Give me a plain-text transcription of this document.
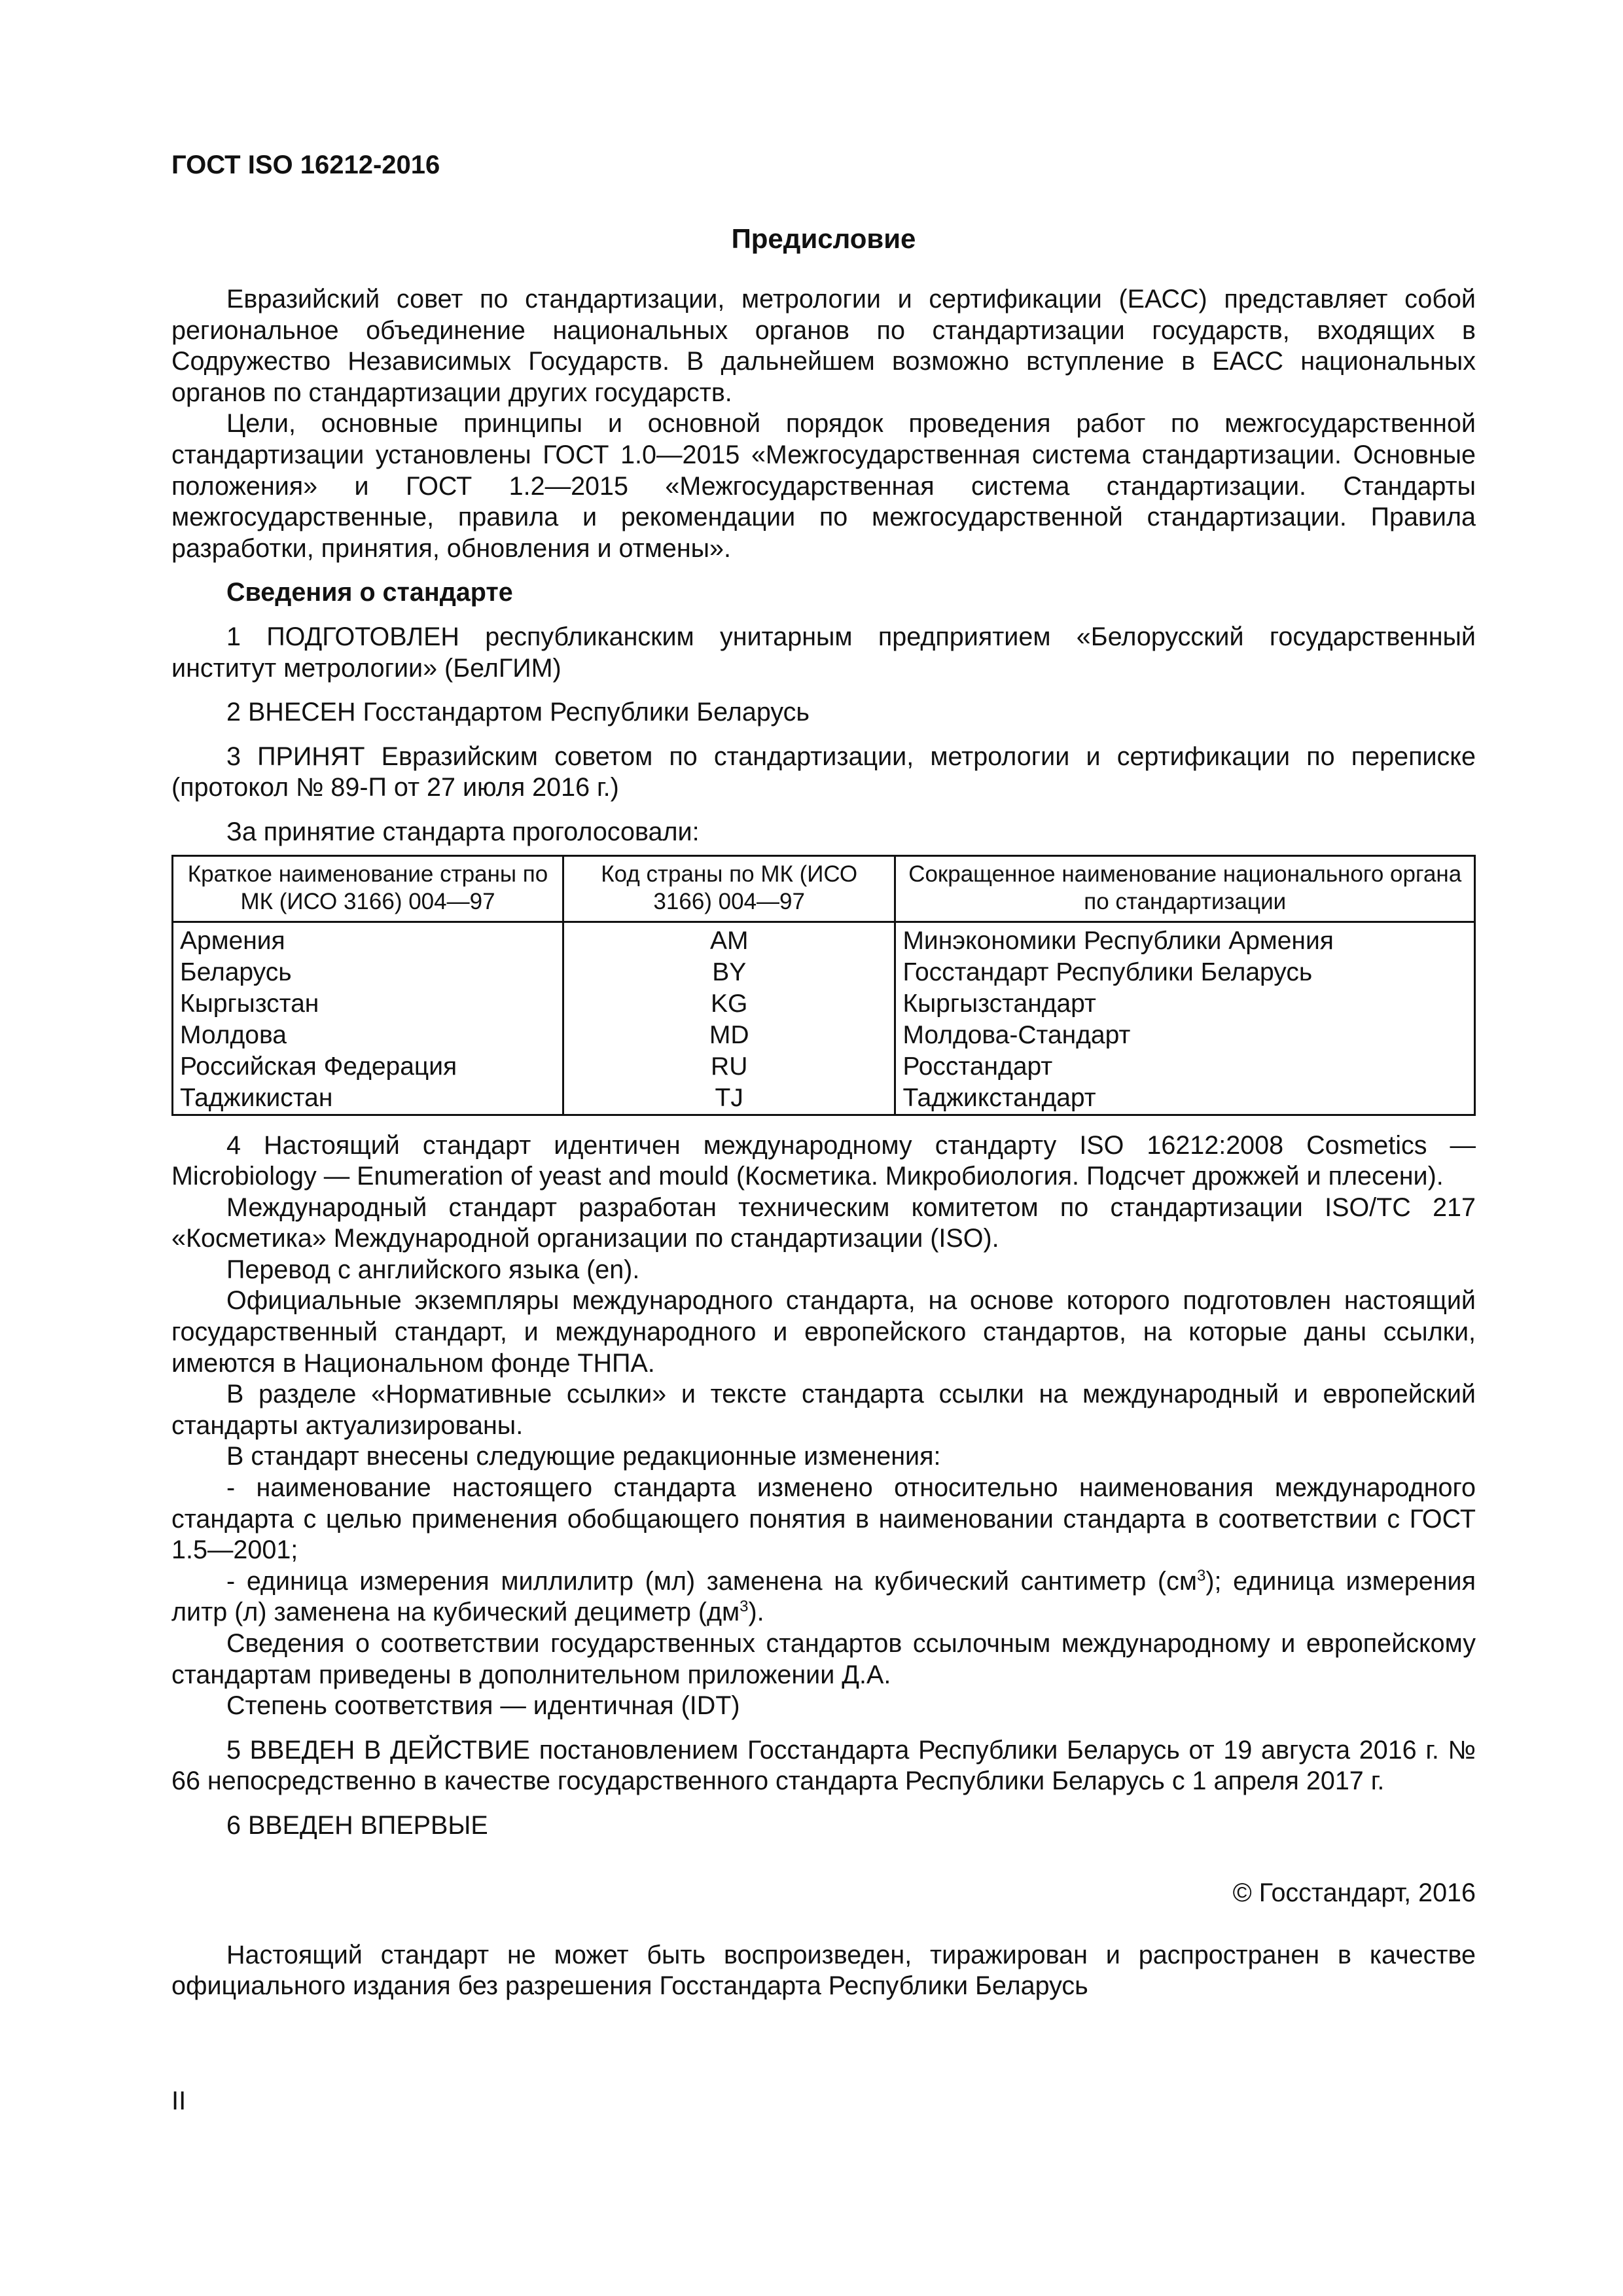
ГОСТ ISO 16212-2016
Предисловие

Евразийский совет по стандартизации, метрологии и сертификации (ЕАСС) представляет собой региональное объединение национальных органов по стандартизации государств, входящих в Содружество Независимых Государств. В дальнейшем возможно вступление в ЕАСС национальных органов по стандартизации других государств.

Цели, основные принципы и основной порядок проведения работ по межгосударственной стандартизации установлены ГОСТ 1.0—2015 «Межгосударственная система стандартизации. Основные положения» и ГОСТ 1.2—2015 «Межгосударственная система стандартизации. Стандарты межгосударственные, правила и рекомендации по межгосударственной стандартизации. Правила разработки, принятия, обновления и отмены».

Сведения о стандарте

1 ПОДГОТОВЛЕН республиканским унитарным предприятием «Белорусский государственный институт метрологии» (БелГИМ)

2 ВНЕСЕН Госстандартом Республики Беларусь

3 ПРИНЯТ Евразийским советом по стандартизации, метрологии и сертификации по переписке (протокол № 89-П от 27 июля 2016 г.)

За принятие стандарта проголосовали:

Краткое наименование страны по МК (ИСО 3166) 004—97	Код страны по МК (ИСО 3166) 004—97	Сокращенное наименование национального органа по стандартизации
Армения	AM	Минэкономики Республики Армения
Беларусь	BY	Госстандарт Республики Беларусь
Кыргызстан	KG	Кыргызстандарт
Молдова	MD	Молдова-Стандарт
Российская Федерация	RU	Росстандарт
Таджикистан	TJ	Таджикстандарт

4 Настоящий стандарт идентичен международному стандарту ISO 16212:2008 Cosmetics — Microbiology — Enumeration of yeast and mould (Косметика. Микробиология. Подсчет дрожжей и плесени).

Международный стандарт разработан техническим комитетом по стандартизации ISO/TC 217 «Косметика» Международной организации по стандартизации (ISO).

Перевод с английского языка (en).

Официальные экземпляры международного стандарта, на основе которого подготовлен настоящий государственный стандарт, и международного и европейского стандартов, на которые даны ссылки, имеются в Национальном фонде ТНПА.

В разделе «Нормативные ссылки» и тексте стандарта ссылки на международный и европейский стандарты актуализированы.

В стандарт внесены следующие редакционные изменения:

- наименование настоящего стандарта изменено относительно наименования международного стандарта с целью применения обобщающего понятия в наименовании стандарта в соответствии с ГОСТ 1.5—2001;

- единица измерения миллилитр (мл) заменена на кубический сантиметр $(см^3)$; единица измерения литр (л) заменена на кубический дециметр $(дм^3)$.

Сведения о соответствии государственных стандартов ссылочным международному и европейскому стандартам приведены в дополнительном приложении Д.А.

Степень соответствия — идентичная (IDT)

5 ВВЕДЕН В ДЕЙСТВИЕ постановлением Госстандарта Республики Беларусь от 19 августа 2016 г. № 66 непосредственно в качестве государственного стандарта Республики Беларусь с 1 апреля 2017 г.

6 ВВЕДЕН ВПЕРВЫЕ

© Госстандарт, 2016

Настоящий стандарт не может быть воспроизведен, тиражирован и распространен в качестве официального издания без разрешения Госстандарта Республики Беларусь

II
